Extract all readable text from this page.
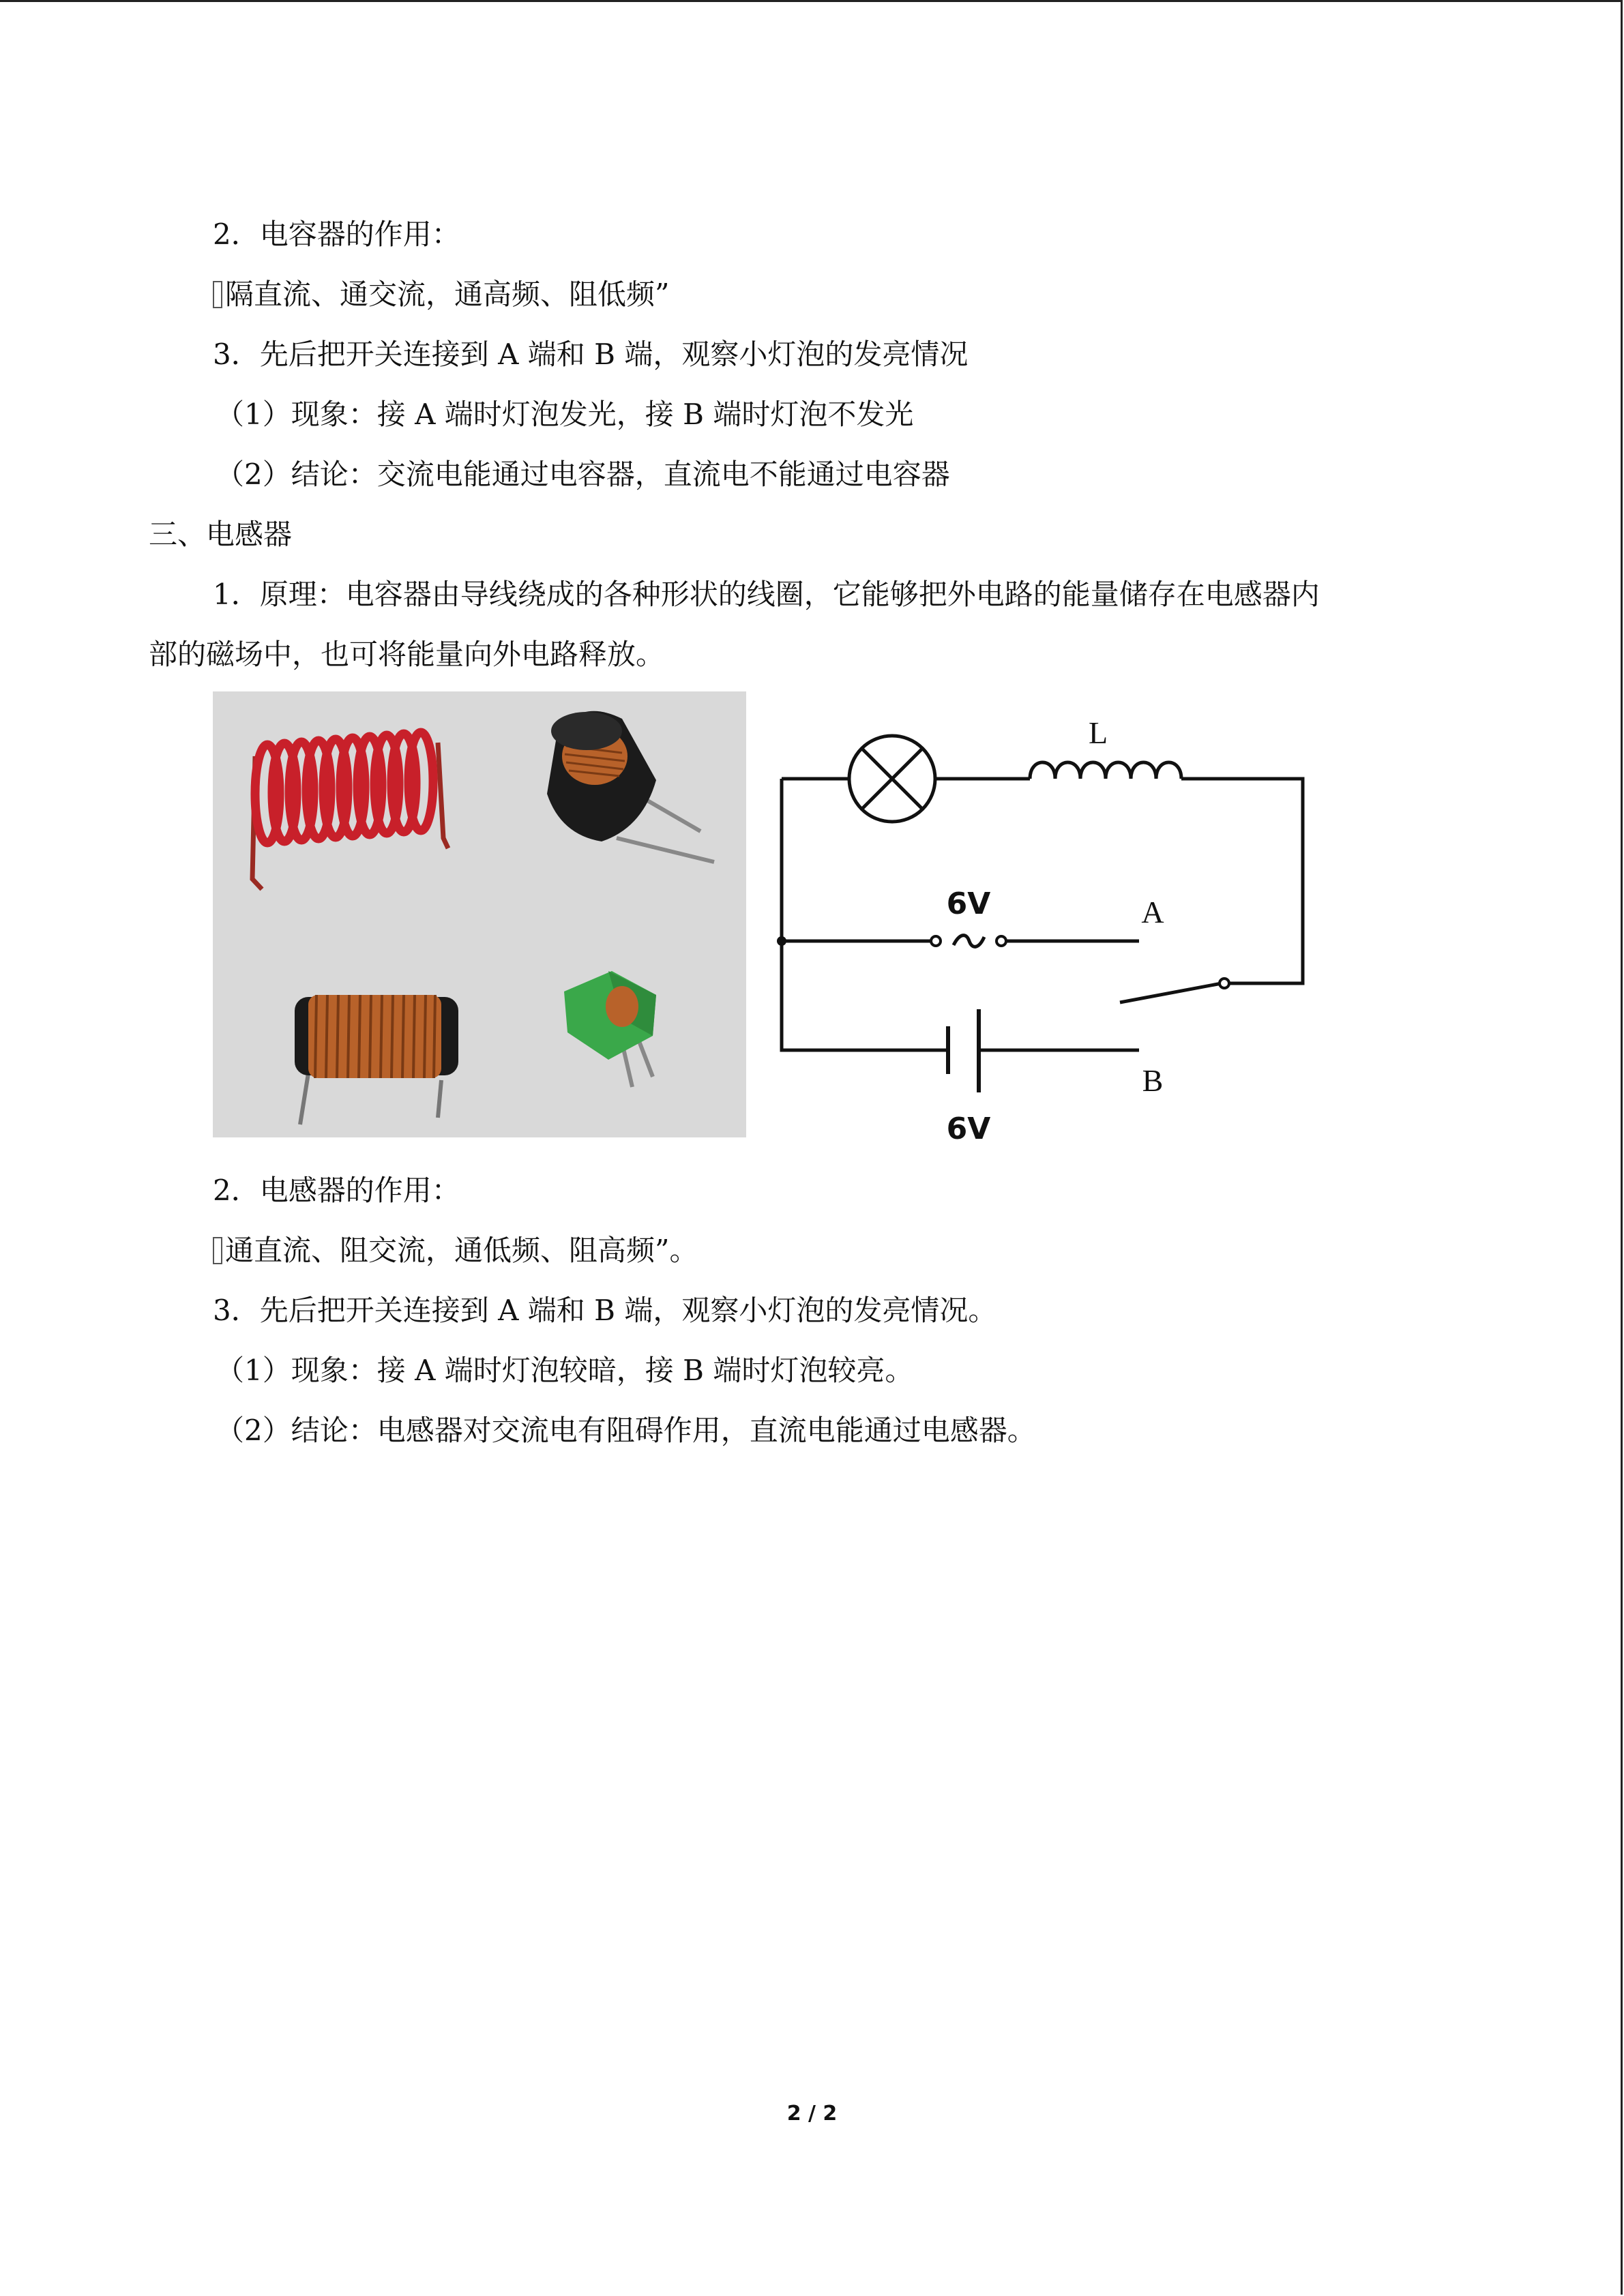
2．电容器的作用：
隔直流、通交流，通高频、阻低频”
3．先后把开关连接到 A 端和 B 端，观察小灯泡的发亮情况
（1）现象：接 A 端时灯泡发光，接 B 端时灯泡不发光
（2）结论：交流电能通过电容器，直流电不能通过电容器
三、电感器
1．原理：电容器由导线绕成的各种形状的线圈，它能够把外电路的能量储存在电感器内
部的磁场中，也可将能量向外电路释放。
L
6V	A
B
6V
2．电感器的作用：
通直流、阻交流，通低频、阻高频”。
3．先后把开关连接到 A 端和 B 端，观察小灯泡的发亮情况。
（1）现象：接 A 端时灯泡较暗，接 B 端时灯泡较亮。
（2）结论：电感器对交流电有阻碍作用，直流电能通过电感器。
2 / 2
